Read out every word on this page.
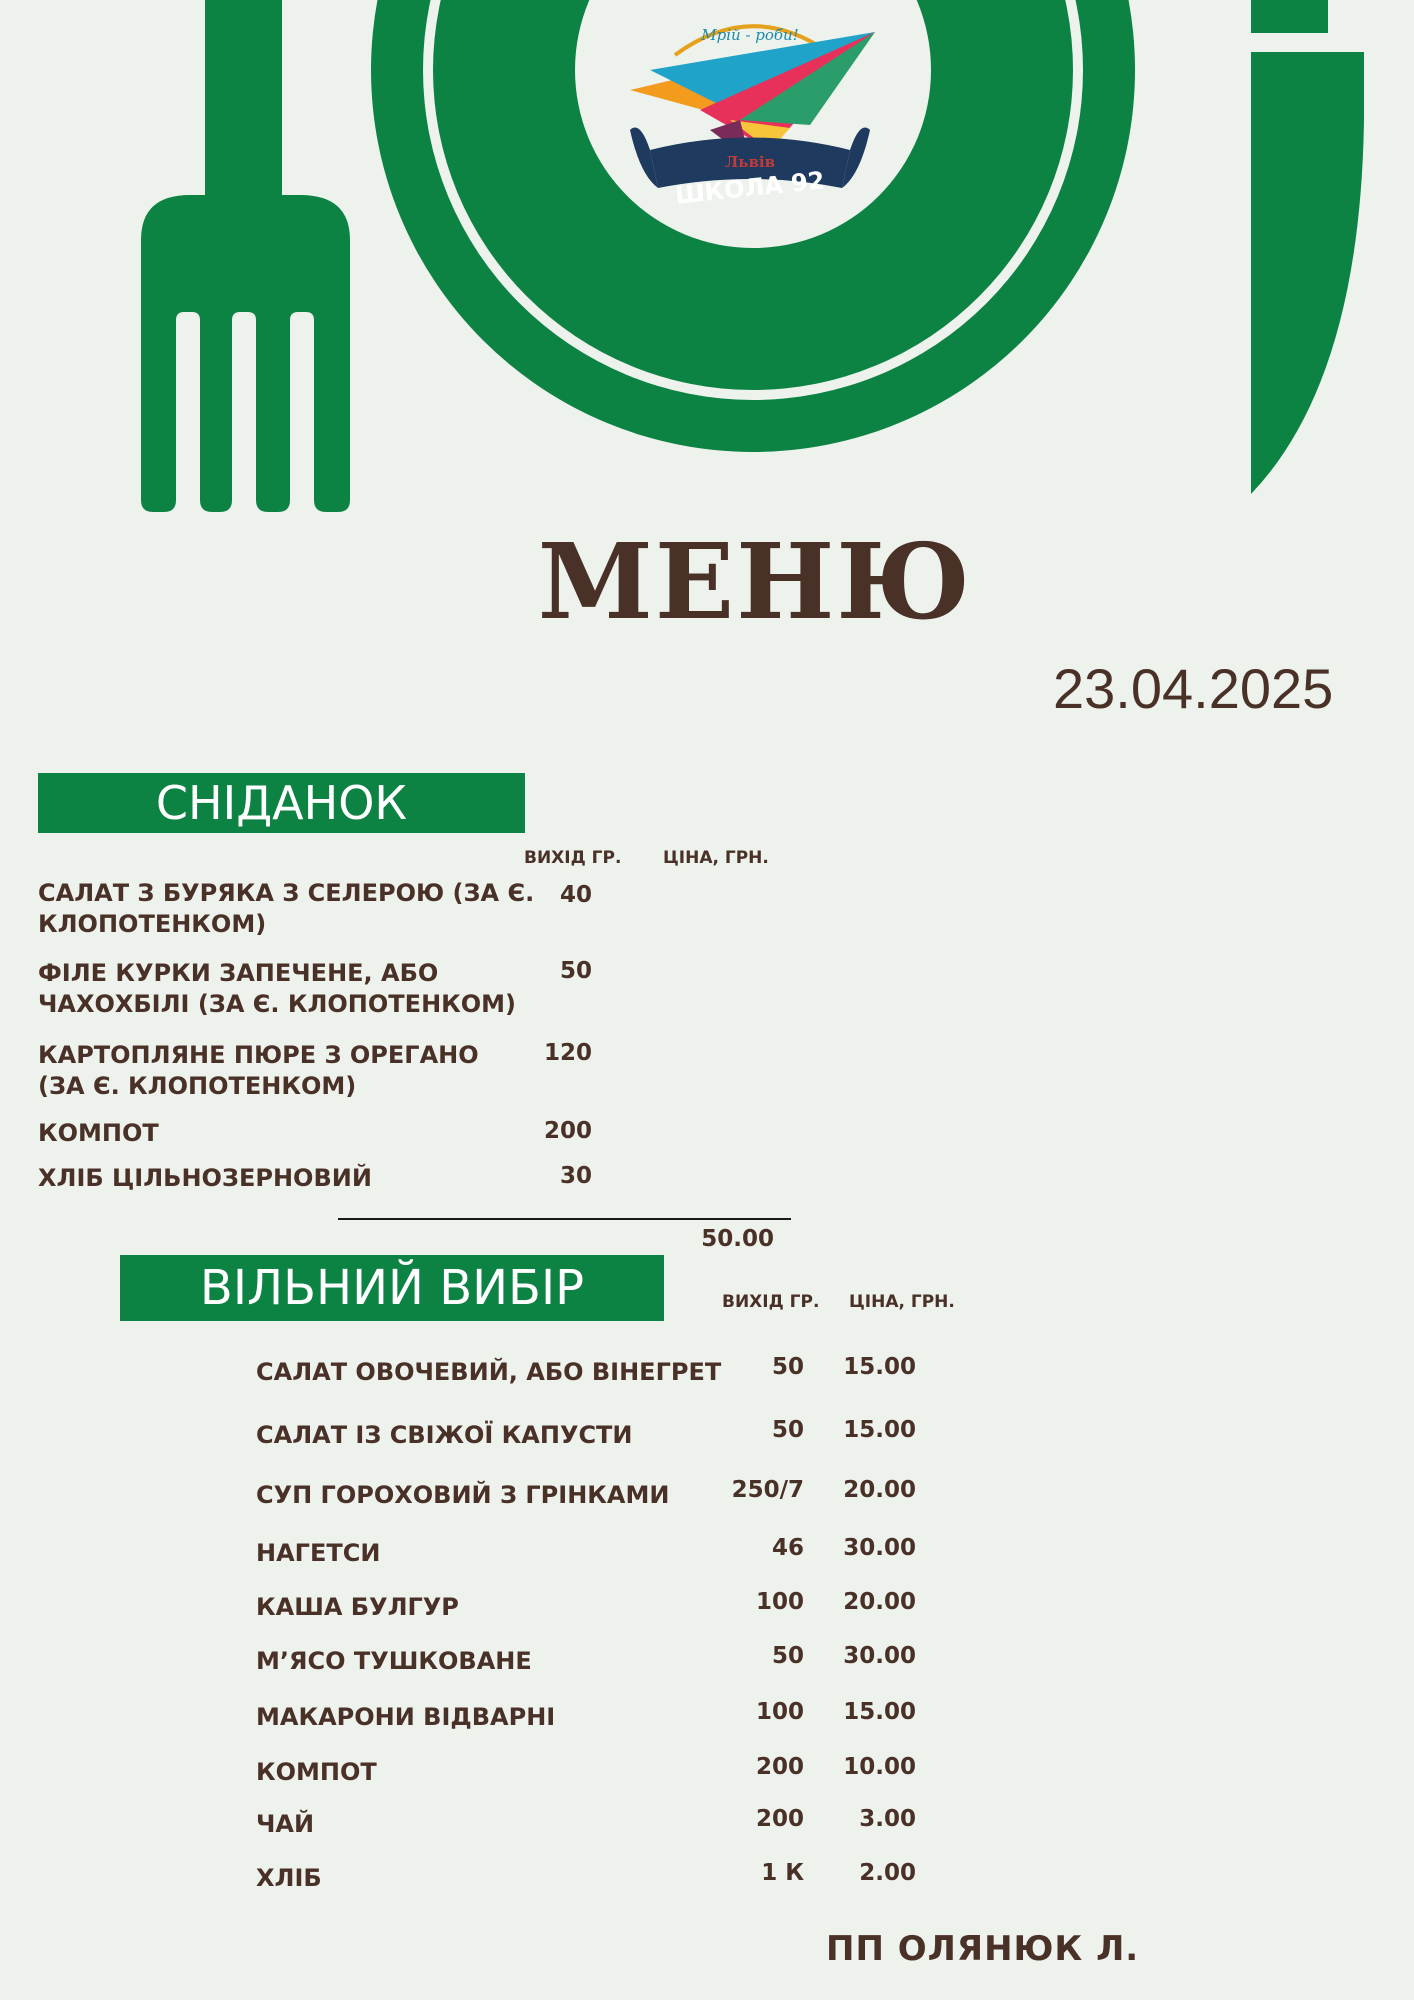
Мрій - роби!
Львів
ШКОЛА 92
МЕНЮ
23.04.2025
СНІДАНОК
ВИХІД ГР. ЦІНА, ГРН.
САЛАТ З БУРЯКА З СЕЛЕРОЮ (ЗА Є.
КЛОПОТЕНКОМ)
40
ФІЛЕ КУРКИ ЗАПЕЧЕНЕ, АБО
ЧАХОХБІЛІ (ЗА Є. КЛОПОТЕНКОМ)
50
КАРТОПЛЯНЕ ПЮРЕ З ОРЕГАНО
(ЗА Є. КЛОПОТЕНКОМ)
120
КОМПОТ	200
ХЛІБ ЦІЛЬНОЗЕРНОВИЙ	30
50.00
ВІЛЬНИЙ ВИБІР	ВИХІД ГР. ЦІНА, ГРН.
САЛАТ ОВОЧЕВИЙ, АБО ВІНЕГРЕТ	50	15.00
САЛАТ ІЗ СВІЖОЇ КАПУСТИ	50	15.00
СУП ГОРОХОВИЙ З ГРІНКАМИ	250/7	20.00
НАГЕТСИ	46	30.00
КАША БУЛГУР	100	20.00
М’ЯСО ТУШКОВАНЕ	50	30.00
МАКАРОНИ ВІДВАРНІ	100	15.00
КОМПОТ	200	10.00
ЧАЙ	200	3.00
ХЛІБ	1 К	2.00
ПП ОЛЯНЮК Л.
